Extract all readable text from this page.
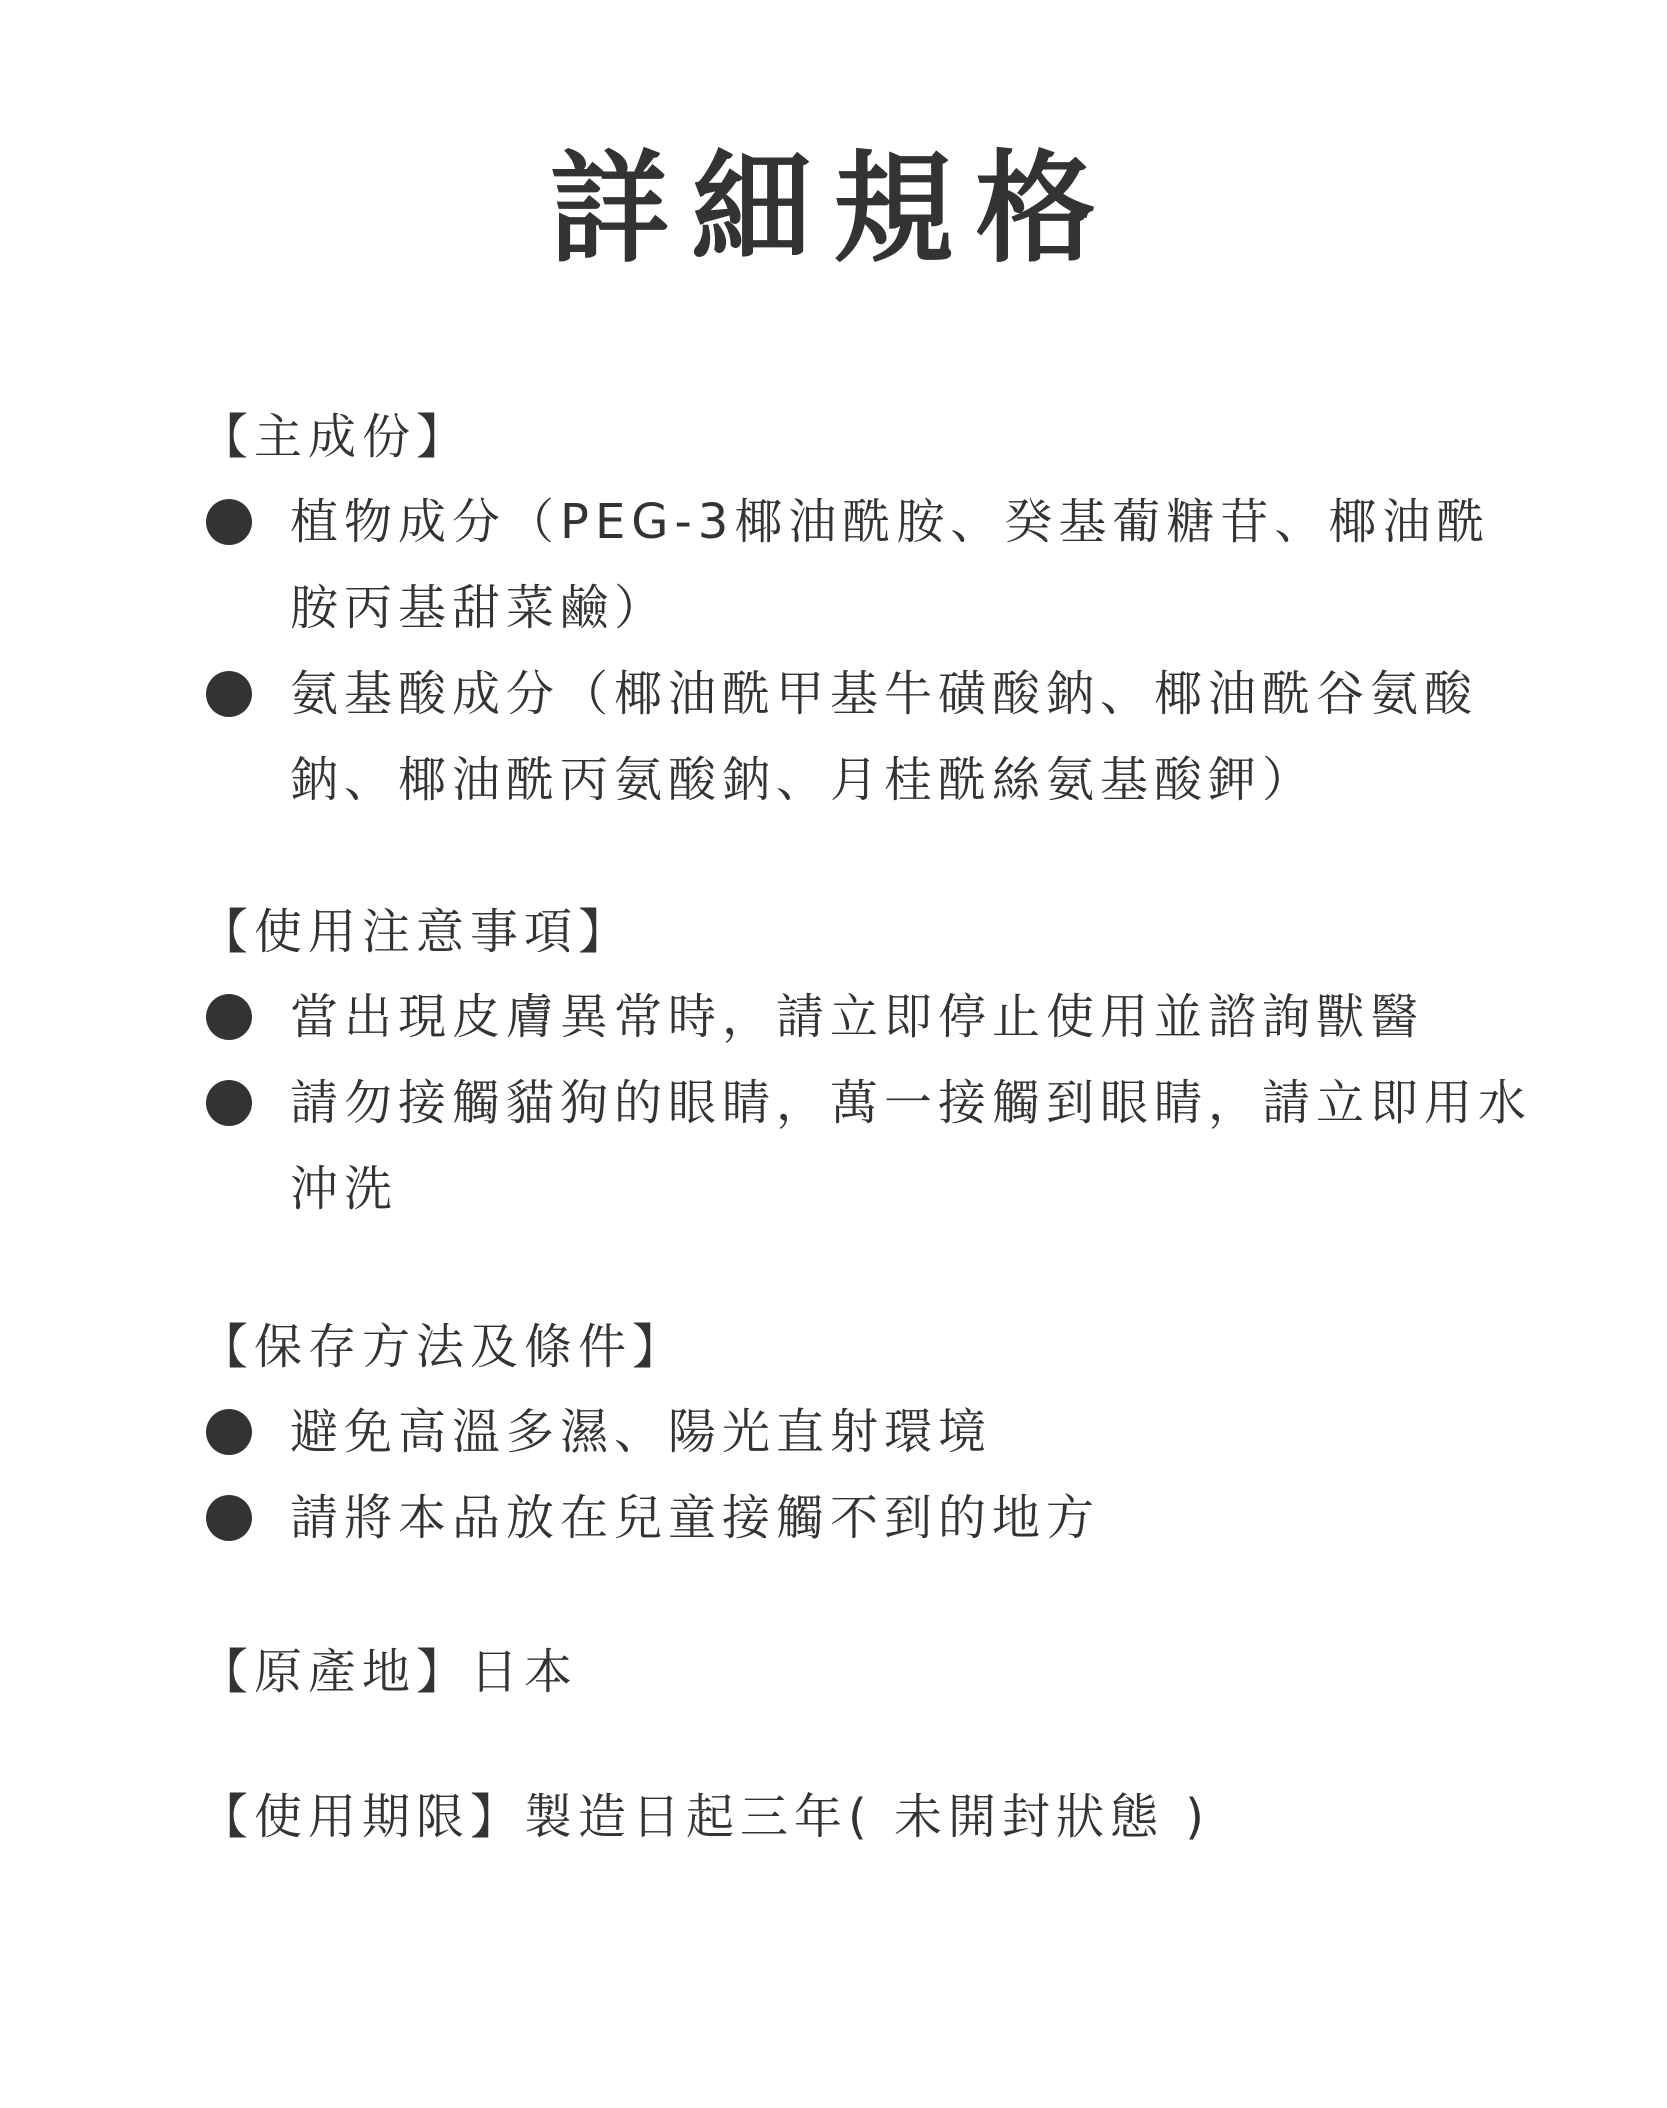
詳細規格
【主成份】
植物成分（PEG-3椰油酰胺、癸基葡糖苷、椰油酰胺丙基甜菜鹼）
氨基酸成分（椰油酰甲基牛磺酸鈉、椰油酰谷氨酸鈉、椰油酰丙氨酸鈉、月桂酰絲氨基酸鉀）
【使用注意事項】
當出現皮膚異常時，請立即停止使用並諮詢獸醫
請勿接觸貓狗的眼睛，萬一接觸到眼睛，請立即用水沖洗
【保存方法及條件】
避免高溫多濕、陽光直射環境
請將本品放在兒童接觸不到的地方
【原產地】日本
【使用期限】製造日起三年( 未開封狀態 )
